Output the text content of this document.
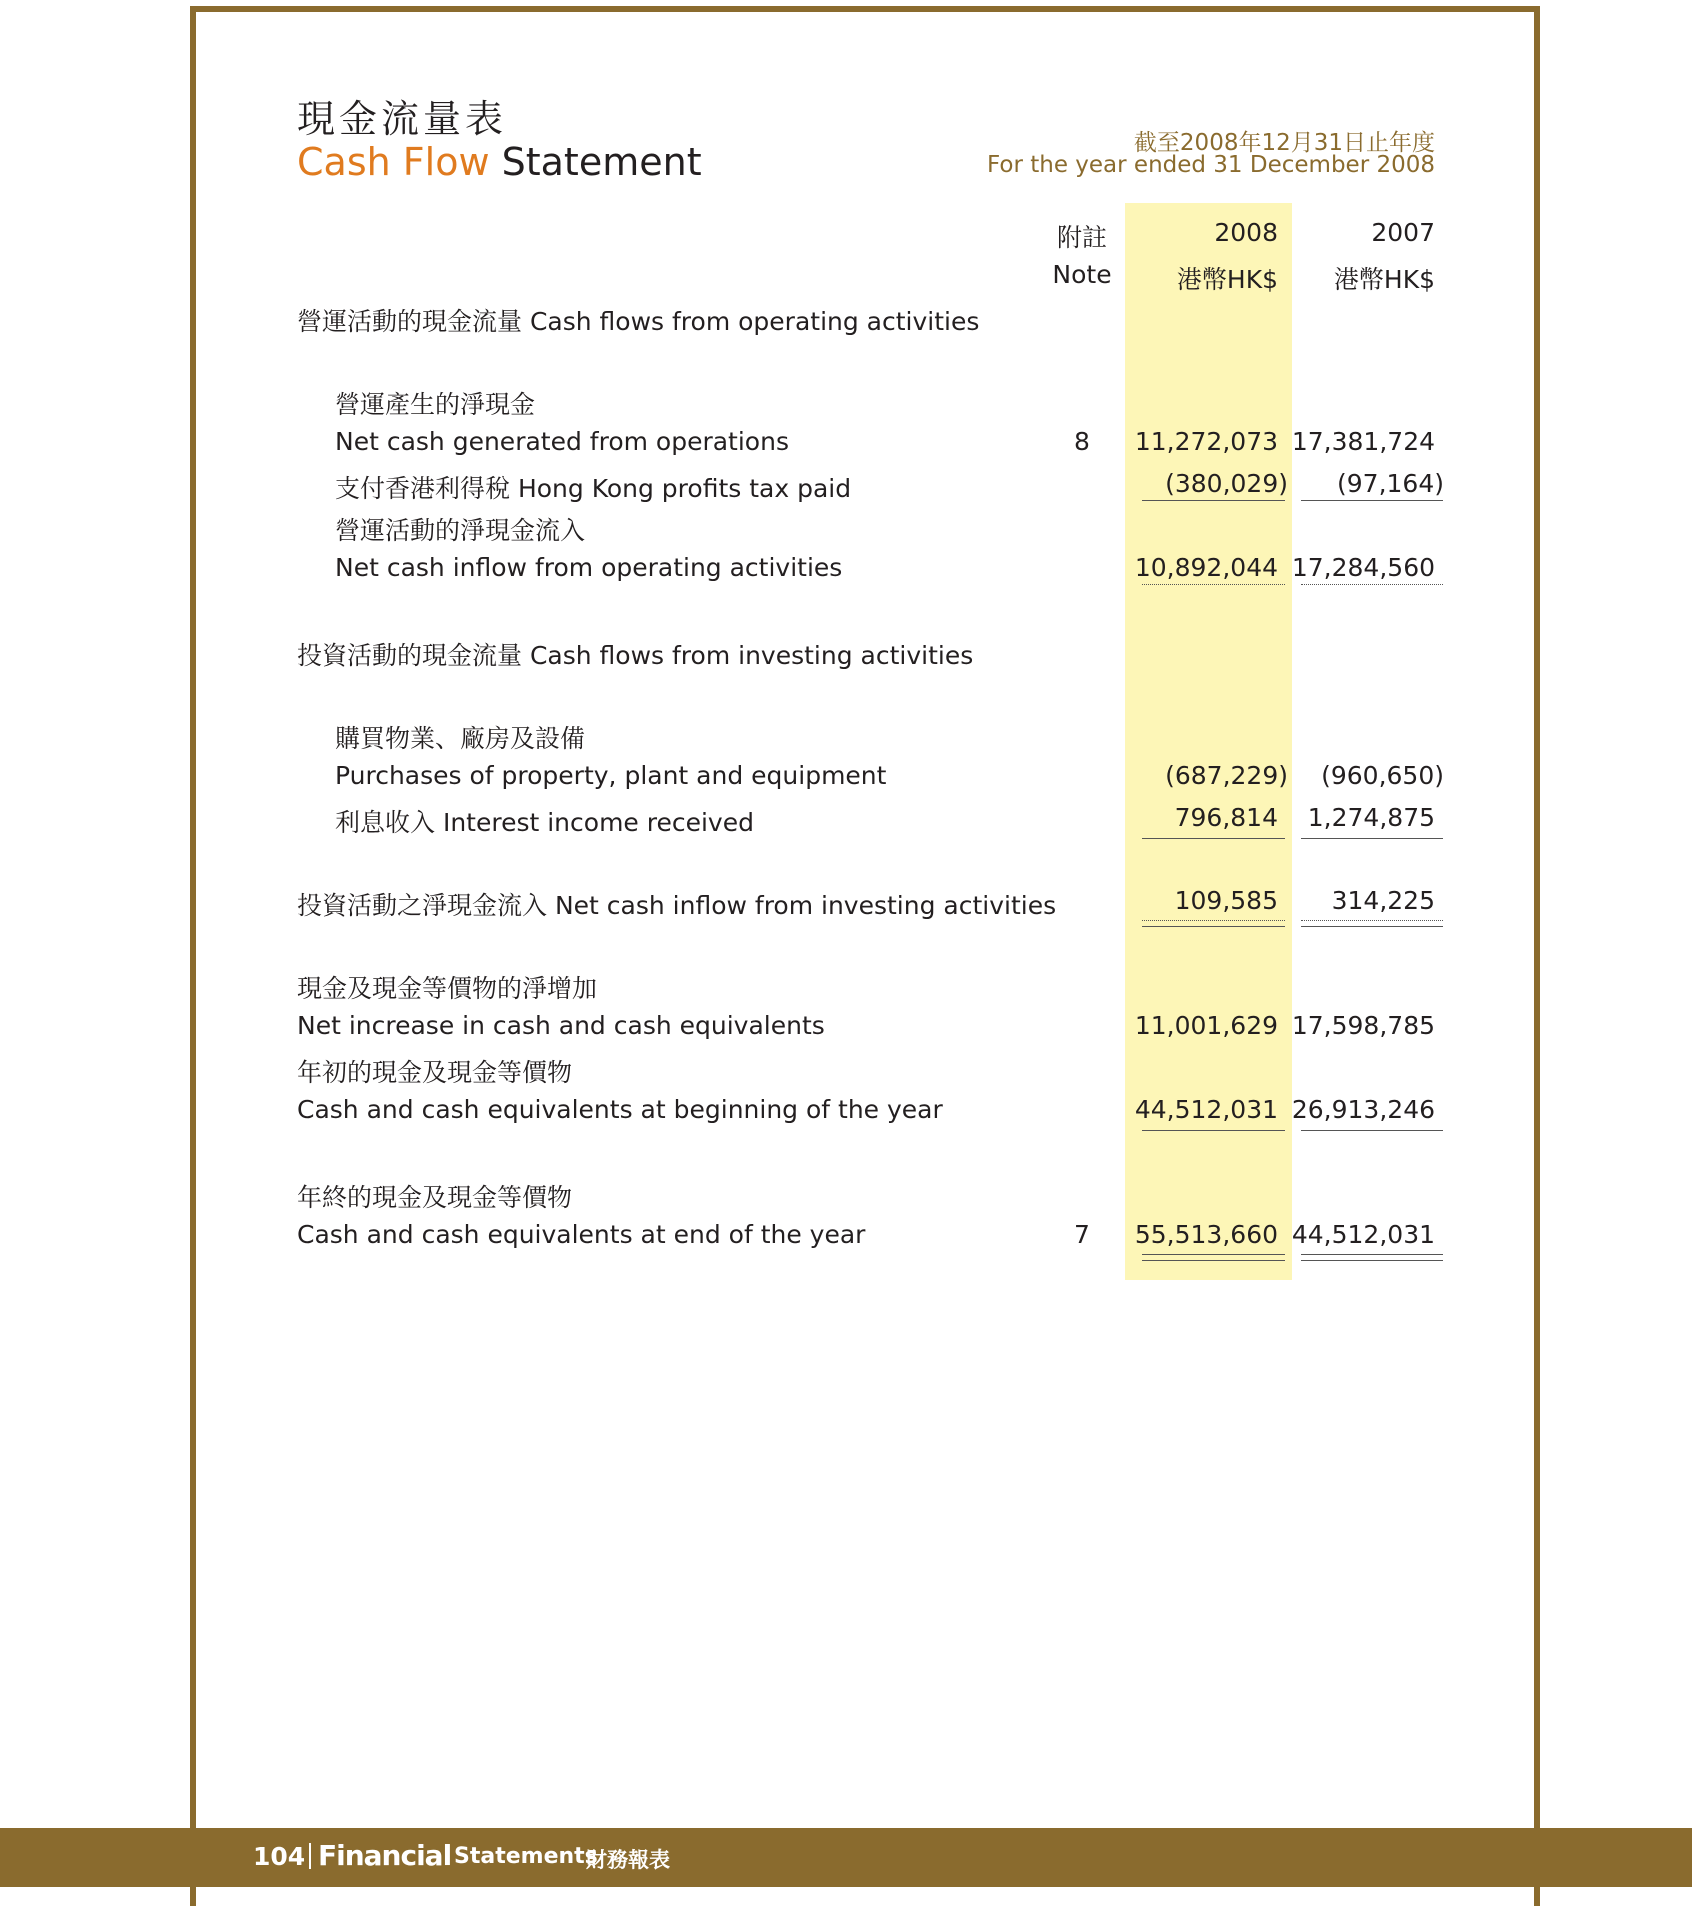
現金流量表
Cash Flow Statement	截至2008年12月31日止年度
For the year ended 31 December 2008
附註
Note
2008	2007
港幣HK$ 港幣HK$
營運活動的現金流量 Cash flows from operating activities
營運產生的淨現金
Net cash generated from operations	8	11,272,073 17,381,724
支付香港利得稅 Hong Kong profits tax paid	(380,029) (97,164)
營運活動的淨現金流入
Net cash inflow from operating activities	10,892,044 17,284,560
投資活動的現金流量 Cash flows from investing activities
購買物業、廠房及設備
Purchases of property, plant and equipment	(687,229) (960,650)
利息收入 Interest income received	796,814 1,274,875
投資活動之淨現金流入 Net cash inflow from investing activities	109,585 314,225
現金及現金等價物的淨增加
Net increase in cash and cash equivalents	11,001,629 17,598,785
年初的現金及現金等價物
Cash and cash equivalents at beginning of the year	44,512,031 26,913,246
年終的現金及現金等價物
Cash and cash equivalents at end of the year	7	55,513,660 44,512,031
104 Financial Statements
財務報表
